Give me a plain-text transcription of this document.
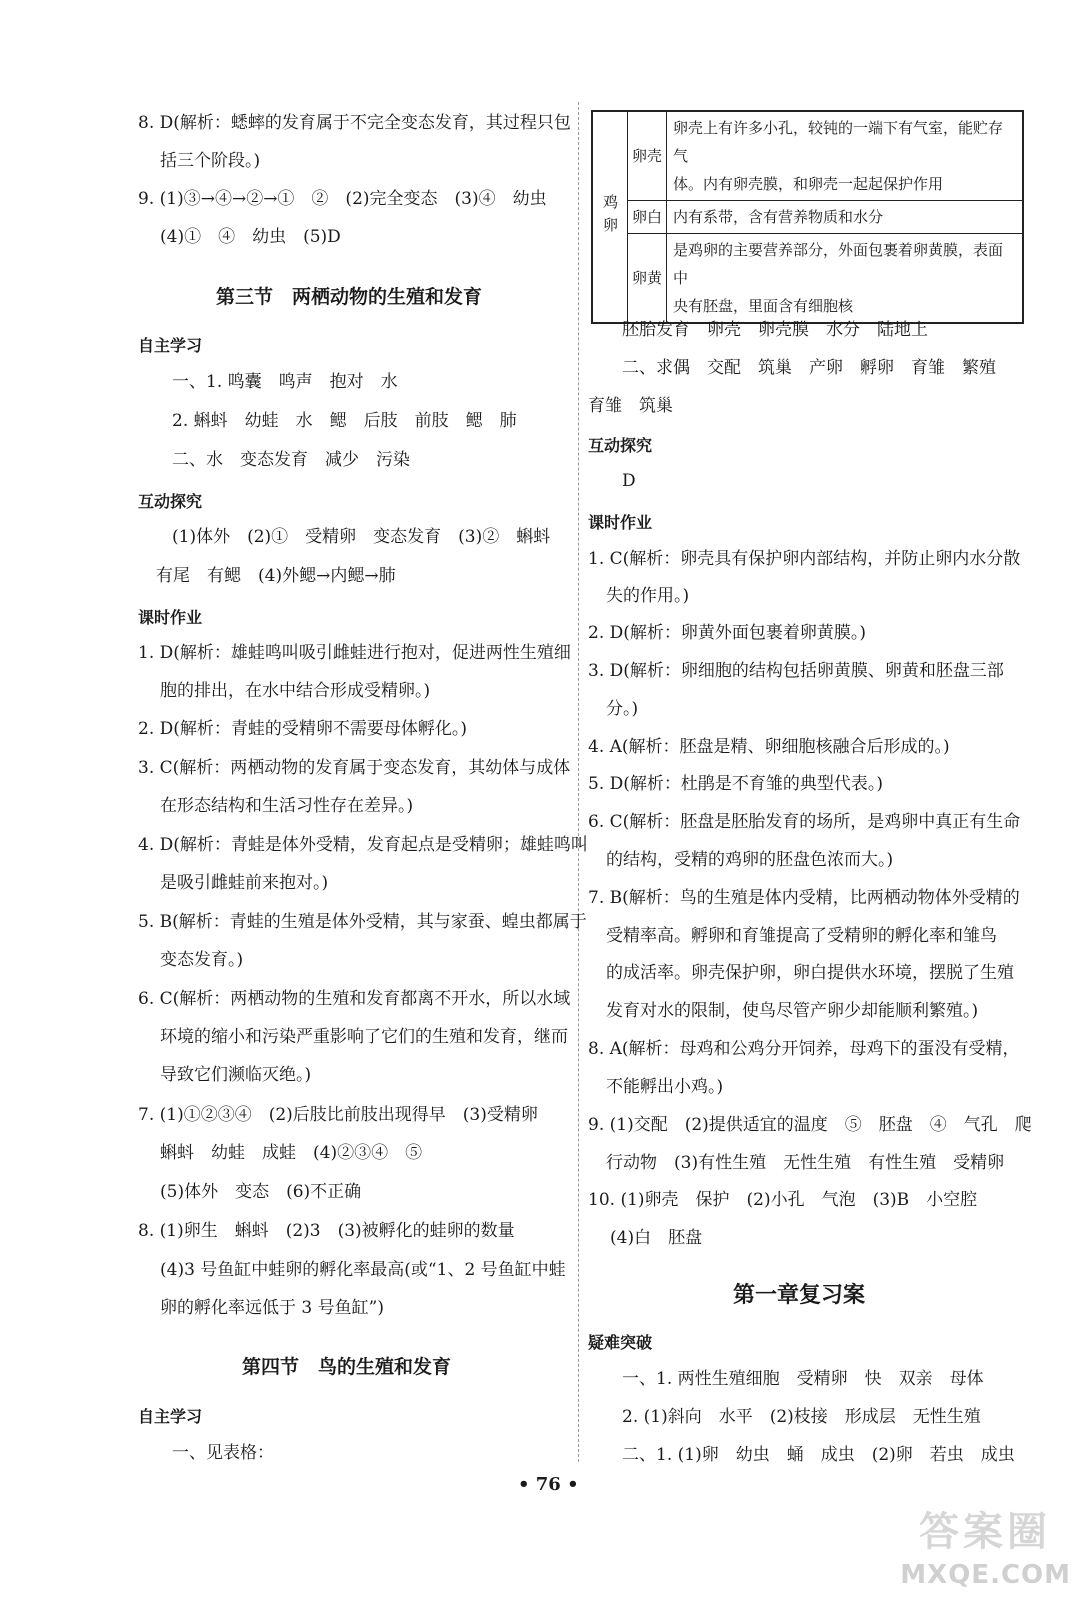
8. D(解析：蟋蟀的发育属于不完全变态发育，其过程只包
括三个阶段。)
9. (1)③→④→②→①　②　(2)完全变态　(3)④　幼虫
(4)①　④　幼虫　(5)D
第三节　两栖动物的生殖和发育
自主学习
一、1. 鸣囊　鸣声　抱对　水
2. 蝌蚪　幼蛙　水　鳃　后肢　前肢　鳃　肺
二、水　变态发育　减少　污染
互动探究
(1)体外　(2)①　受精卵　变态发育　(3)②　蝌蚪
有尾　有鳃　(4)外鳃→内鳃→肺
课时作业
1. D(解析：雄蛙鸣叫吸引雌蛙进行抱对，促进两性生殖细
胞的排出，在水中结合形成受精卵。)
2. D(解析：青蛙的受精卵不需要母体孵化。)
3. C(解析：两栖动物的发育属于变态发育，其幼体与成体
在形态结构和生活习性存在差异。)
4. D(解析：青蛙是体外受精，发育起点是受精卵；雄蛙鸣叫
是吸引雌蛙前来抱对。)
5. B(解析：青蛙的生殖是体外受精，其与家蚕、蝗虫都属于
变态发育。)
6. C(解析：两栖动物的生殖和发育都离不开水，所以水域
环境的缩小和污染严重影响了它们的生殖和发育，继而
导致它们濒临灭绝。)
7. (1)①②③④　(2)后肢比前肢出现得早　(3)受精卵
蝌蚪　幼蛙　成蛙　(4)②③④　⑤
(5)体外　变态　(6)不正确
8. (1)卵生　蝌蚪　(2)3　(3)被孵化的蛙卵的数量
(4)3 号鱼缸中蛙卵的孵化率最高(或“1、2 号鱼缸中蛙
卵的孵化率远低于 3 号鱼缸”)
第四节　鸟的生殖和发育
自主学习
一、见表格：
鸡卵	卵壳	卵壳上有许多小孔，较钝的一端下有气室，能贮存气
体。内有卵壳膜，和卵壳一起起保护作用

	卵白	内有系带，含有营养物质和水分
	卵黄	是鸡卵的主要营养部分，外面包裹着卵黄膜，表面中
央有胚盘，里面含有细胞核
胚胎发育　卵壳　卵壳膜　水分　陆地上
二、求偶　交配　筑巢　产卵　孵卵　育雏　繁殖
育雏　筑巢
互动探究
D
课时作业
1. C(解析：卵壳具有保护卵内部结构，并防止卵内水分散
失的作用。)
2. D(解析：卵黄外面包裹着卵黄膜。)
3. D(解析：卵细胞的结构包括卵黄膜、卵黄和胚盘三部
分。)
4. A(解析：胚盘是精、卵细胞核融合后形成的。)
5. D(解析：杜鹃是不育雏的典型代表。)
6. C(解析：胚盘是胚胎发育的场所，是鸡卵中真正有生命
的结构，受精的鸡卵的胚盘色浓而大。)
7. B(解析：鸟的生殖是体内受精，比两栖动物体外受精的
受精率高。孵卵和育雏提高了受精卵的孵化率和雏鸟
的成活率。卵壳保护卵，卵白提供水环境，摆脱了生殖
发育对水的限制，使鸟尽管产卵少却能顺利繁殖。)
8. A(解析：母鸡和公鸡分开饲养，母鸡下的蛋没有受精，
不能孵出小鸡。)
9. (1)交配　(2)提供适宜的温度　⑤　胚盘　④　气孔　爬
行动物　(3)有性生殖　无性生殖　有性生殖　受精卵
10. (1)卵壳　保护　(2)小孔　气泡　(3)B　小空腔
(4)白　胚盘
第一章复习案
疑难突破
一、1. 两性生殖细胞　受精卵　快　双亲　母体
2. (1)斜向　水平　(2)枝接　形成层　无性生殖
二、1. (1)卵　幼虫　蛹　成虫　(2)卵　若虫　成虫
• 76 •
答案圈
MXQE.COM
